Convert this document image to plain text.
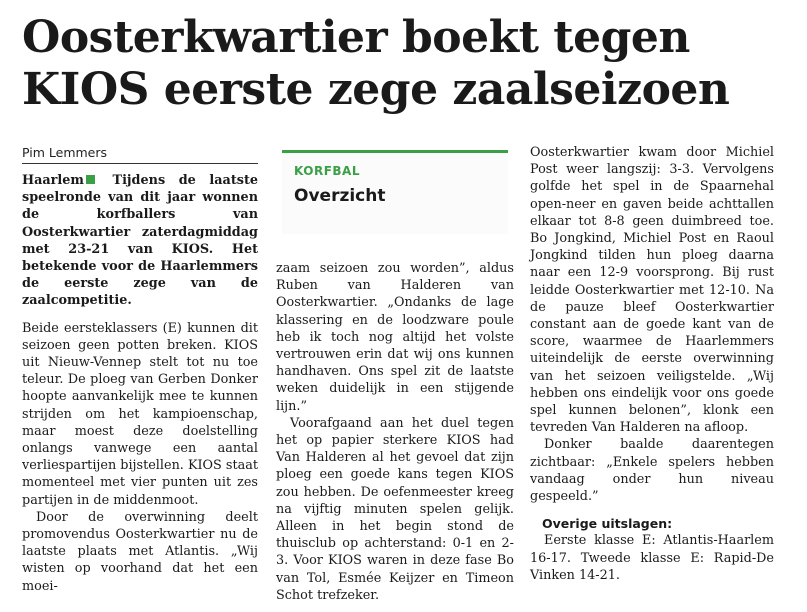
Oosterkwartier boekt tegen
KIOS eerste zege zaalseizoen
Pim Lemmers

Haarlem Tijdens de laatste speelronde van dit jaar wonnen de korfballers van Oosterkwartier zaterdagmiddag met 23-21 van KIOS. Het betekende voor de Haarlemmers de eerste zege van de zaalcompetitie.

Beide eersteklassers (E) kunnen dit seizoen geen potten breken. KIOS uit Nieuw-Vennep stelt tot nu toe teleur. De ploeg van Gerben Donker hoopte aanvankelijk mee te kunnen strijden om het kampioenschap, maar moest deze doelstelling onlangs vanwege een aantal verliespartijen bijstellen. KIOS staat momenteel met vier punten uit zes partijen in de middenmoot.

Door de overwinning deelt promovendus Oosterkwartier nu de laatste plaats met Atlantis. „Wij wisten op voorhand dat het een moei-

KORFBAL
Overzicht

zaam seizoen zou worden”, aldus Ruben van Halderen van Oosterkwartier. „Ondanks de lage klassering en de loodzware poule heb ik toch nog altijd het volste vertrouwen erin dat wij ons kunnen handhaven. Ons spel zit de laatste weken duidelijk in een stijgende lijn.”

Voorafgaand aan het duel tegen het op papier sterkere KIOS had Van Halderen al het gevoel dat zijn ploeg een goede kans tegen KIOS zou hebben. De oefenmeester kreeg na vijftig minuten spelen gelijk. Alleen in het begin stond de thuisclub op achterstand: 0-1 en 2-3. Voor KIOS waren in deze fase Bo van Tol, Esmée Keijzer en Timeon Schot trefzeker.

Oosterkwartier kwam door Michiel Post weer langszij: 3-3. Vervolgens golfde het spel in de Spaarnehal open-neer en gaven beide achttallen elkaar tot 8-8 geen duimbreed toe. Bo Jongkind, Michiel Post en Raoul Jongkind tilden hun ploeg daarna naar een 12-9 voorsprong. Bij rust leidde Oosterkwartier met 12-10. Na de pauze bleef Oosterkwartier constant aan de goede kant van de score, waarmee de Haarlemmers uiteindelijk de eerste overwinning van het seizoen veiligstelde. „Wij hebben ons eindelijk voor ons goede spel kunnen belonen”, klonk een tevreden Van Halderen na afloop.

Donker baalde daarentegen zichtbaar: „Enkele spelers hebben vandaag onder hun niveau gespeeld.”

Overige uitslagen:

Eerste klasse E: Atlantis-Haarlem 16-17. Tweede klasse E: Rapid-De Vinken 14-21.
